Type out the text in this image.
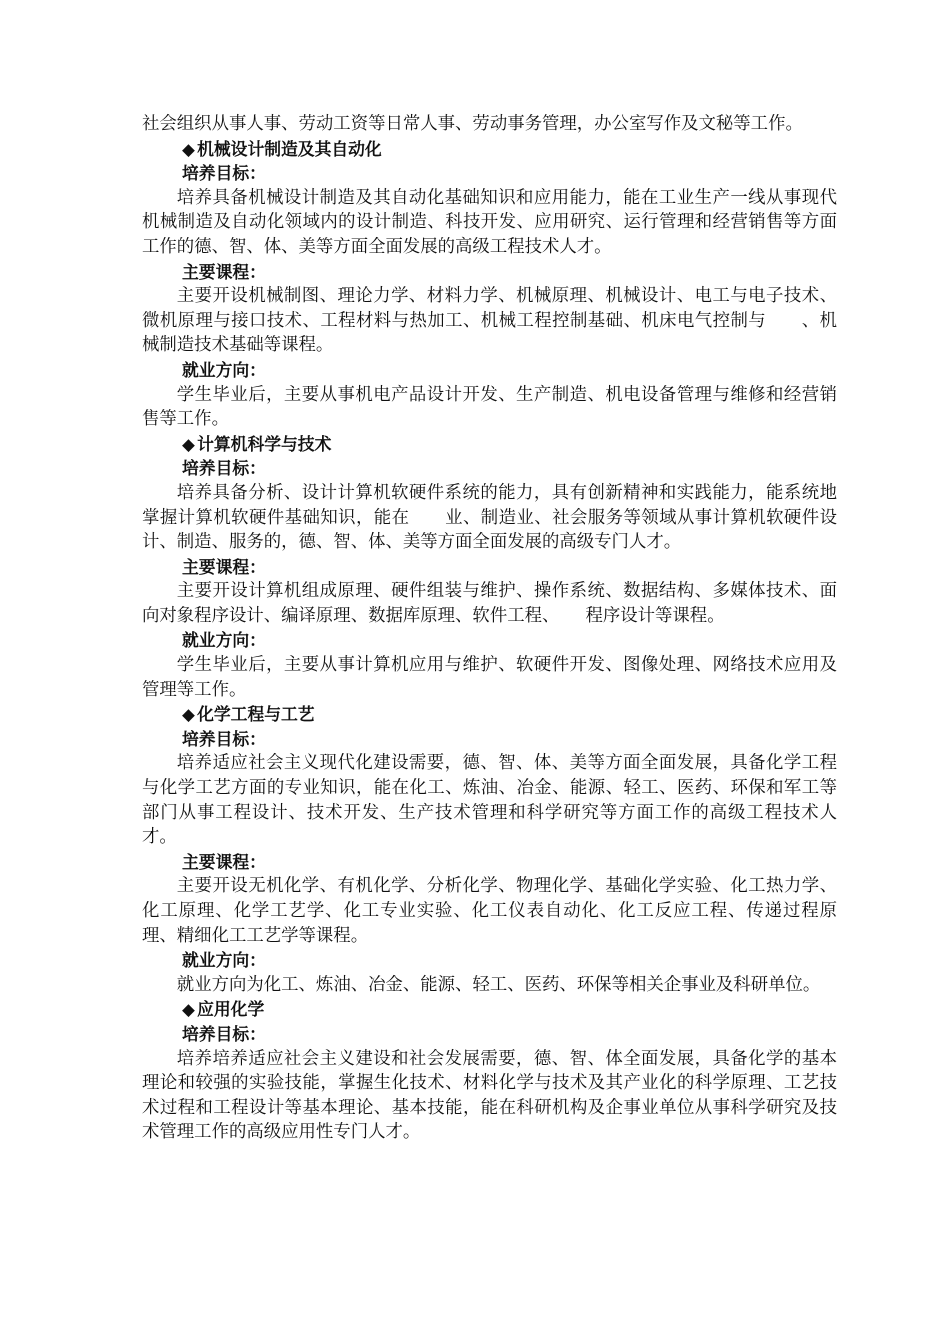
社会组织从事人事、劳动工资等日常人事、劳动事务管理，办公室写作及文秘等工作。

◆ 机械设计制造及其自动化

培养目标：

培养具备机械设计制造及其自动化基础知识和应用能力，能在工业生产一线从事现代机械制造及自动化领域内的设计制造、科技开发、应用研究、运行管理和经营销售等方面工作的德、智、体、美等方面全面发展的高级工程技术人才。

主要课程：

主要开设机械制图、理论力学、材料力学、机械原理、机械设计、电工与电子技术、微机原理与接口技术、工程材料与热加工、机械工程控制基础、机床电气控制与　　、机械制造技术基础等课程。

就业方向：

学生毕业后，主要从事机电产品设计开发、生产制造、机电设备管理与维修和经营销售等工作。

◆ 计算机科学与技术

培养目标：

培养具备分析、设计计算机软硬件系统的能力，具有创新精神和实践能力，能系统地掌握计算机软硬件基础知识，能在　　业、制造业、社会服务等领域从事计算机软硬件设计、制造、服务的，德、智、体、美等方面全面发展的高级专门人才。

主要课程：

主要开设计算机组成原理、硬件组装与维护、操作系统、数据结构、多媒体技术、面向对象程序设计、编译原理、数据库原理、软件工程、　　程序设计等课程。

就业方向：

学生毕业后，主要从事计算机应用与维护、软硬件开发、图像处理、网络技术应用及管理等工作。

◆ 化学工程与工艺

培养目标：

培养适应社会主义现代化建设需要，德、智、体、美等方面全面发展，具备化学工程与化学工艺方面的专业知识，能在化工、炼油、冶金、能源、轻工、医药、环保和军工等部门从事工程设计、技术开发、生产技术管理和科学研究等方面工作的高级工程技术人才。

主要课程：

主要开设无机化学、有机化学、分析化学、物理化学、基础化学实验、化工热力学、化工原理、化学工艺学、化工专业实验、化工仪表自动化、化工反应工程、传递过程原理、精细化工工艺学等课程。

就业方向：

就业方向为化工、炼油、冶金、能源、轻工、医药、环保等相关企事业及科研单位。

◆ 应用化学

培养目标：

培养培养适应社会主义建设和社会发展需要，德、智、体全面发展，具备化学的基本理论和较强的实验技能，掌握生化技术、材料化学与技术及其产业化的科学原理、工艺技术过程和工程设计等基本理论、基本技能，能在科研机构及企事业单位从事科学研究及技术管理工作的高级应用性专门人才。
